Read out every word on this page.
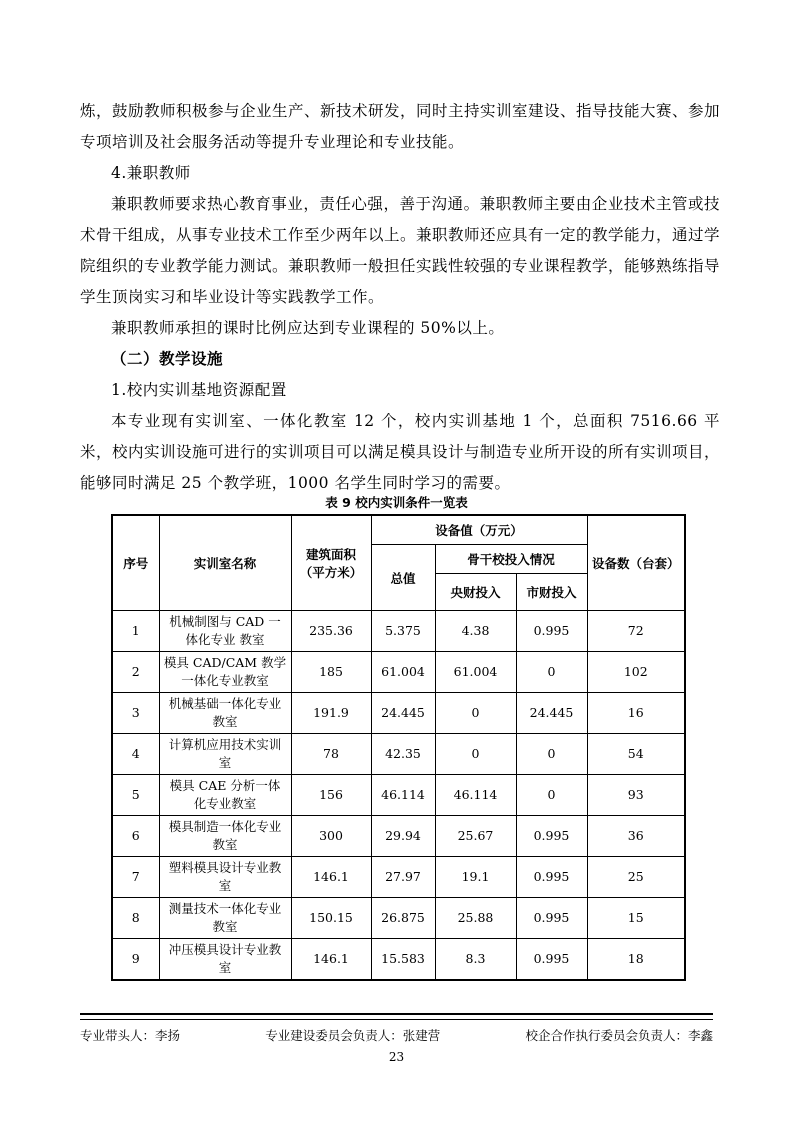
炼，鼓励教师积极参与企业生产、新技术研发，同时主持实训室建设、指导技能大赛、参加专项培训及社会服务活动等提升专业理论和专业技能。

4.兼职教师

兼职教师要求热心教育事业，责任心强，善于沟通。兼职教师主要由企业技术主管或技术骨干组成，从事专业技术工作至少两年以上。兼职教师还应具有一定的教学能力，通过学院组织的专业教学能力测试。兼职教师一般担任实践性较强的专业课程教学，能够熟练指导学生顶岗实习和毕业设计等实践教学工作。

兼职教师承担的课时比例应达到专业课程的 50%以上。

（二）教学设施

1.校内实训基地资源配置

本专业现有实训室、一体化教室 12 个，校内实训基地 1 个，总面积 7516.66 平米，校内实训设施可进行的实训项目可以满足模具设计与制造专业所开设的所有实训项目，能够同时满足 25 个教学班，1000 名学生同时学习的需要。

表 9 校内实训条件一览表
序号	实训室名称	建筑面积（平方米）	设备值（万元）			设备数（台套）
			总值	骨干校投入情况		
				央财投入	市财投入	
1	机械制图与 CAD 一体化专业 教室	235.36	5.375	4.38	0.995	72
2	模具 CAD/CAM 教学一体化专业教室	185	61.004	61.004	0	102
3	机械基础一体化专业教室	191.9	24.445	0	24.445	16
4	计算机应用技术实训室	78	42.35	0	0	54
5	模具 CAE 分析一体化专业教室	156	46.114	46.114	0	93
6	模具制造一体化专业教室	300	29.94	25.67	0.995	36
7	塑料模具设计专业教室	146.1	27.97	19.1	0.995	25
8	测量技术一体化专业教室	150.15	26.875	25.88	0.995	15
9	冲压模具设计专业教室	146.1	15.583	8.3	0.995	18
专业带头人：李扬	专业建设委员会负责人：张建营	校企合作执行委员会负责人：李鑫
23
